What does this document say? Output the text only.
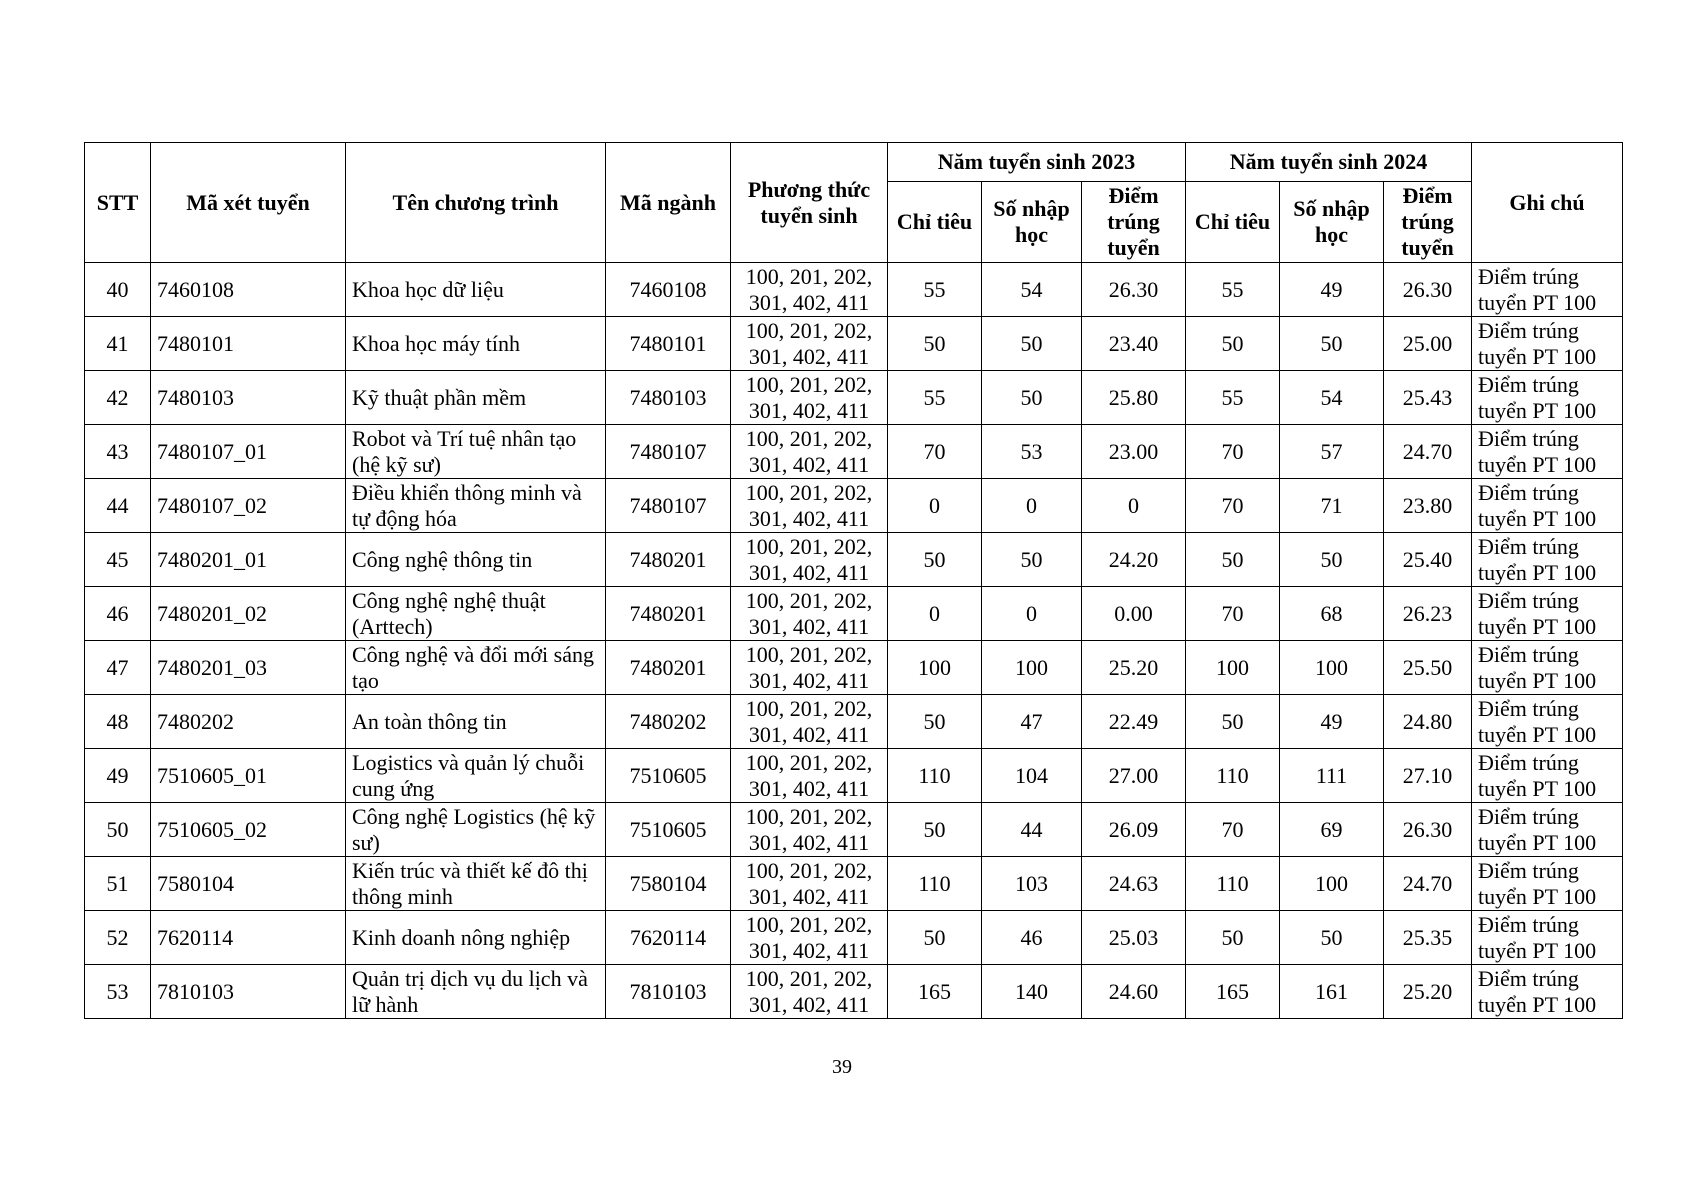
STT	Mã xét tuyển	Tên chương trình	Mã ngành	Phương thức tuyển sinh	Năm tuyển sinh 2023			Năm tuyển sinh 2024			Ghi chú
					Chỉ tiêu	Số nhập học	Điểm trúng tuyển	Chỉ tiêu	Số nhập học	Điểm trúng tuyển	
40	7460108	Khoa học dữ liệu	7460108	100, 201, 202, 301, 402, 411	55	54	26.30	55	49	26.30	Điểm trúng tuyển PT 100
41	7480101	Khoa học máy tính	7480101	100, 201, 202, 301, 402, 411	50	50	23.40	50	50	25.00	Điểm trúng tuyển PT 100
42	7480103	Kỹ thuật phần mềm	7480103	100, 201, 202, 301, 402, 411	55	50	25.80	55	54	25.43	Điểm trúng tuyển PT 100
43	7480107_01	Robot và Trí tuệ nhân tạo (hệ kỹ sư)	7480107	100, 201, 202, 301, 402, 411	70	53	23.00	70	57	24.70	Điểm trúng tuyển PT 100
44	7480107_02	Điều khiển thông minh và tự động hóa	7480107	100, 201, 202, 301, 402, 411	0	0	0	70	71	23.80	Điểm trúng tuyển PT 100
45	7480201_01	Công nghệ thông tin	7480201	100, 201, 202, 301, 402, 411	50	50	24.20	50	50	25.40	Điểm trúng tuyển PT 100
46	7480201_02	Công nghệ nghệ thuật (Arttech)	7480201	100, 201, 202, 301, 402, 411	0	0	0.00	70	68	26.23	Điểm trúng tuyển PT 100
47	7480201_03	Công nghệ và đổi mới sáng tạo	7480201	100, 201, 202, 301, 402, 411	100	100	25.20	100	100	25.50	Điểm trúng tuyển PT 100
48	7480202	An toàn thông tin	7480202	100, 201, 202, 301, 402, 411	50	47	22.49	50	49	24.80	Điểm trúng tuyển PT 100
49	7510605_01	Logistics và quản lý chuỗi cung ứng	7510605	100, 201, 202, 301, 402, 411	110	104	27.00	110	111	27.10	Điểm trúng tuyển PT 100
50	7510605_02	Công nghệ Logistics (hệ kỹ sư)	7510605	100, 201, 202, 301, 402, 411	50	44	26.09	70	69	26.30	Điểm trúng tuyển PT 100
51	7580104	Kiến trúc và thiết kế đô thị thông minh	7580104	100, 201, 202, 301, 402, 411	110	103	24.63	110	100	24.70	Điểm trúng tuyển PT 100
52	7620114	Kinh doanh nông nghiệp	7620114	100, 201, 202, 301, 402, 411	50	46	25.03	50	50	25.35	Điểm trúng tuyển PT 100
53	7810103	Quản trị dịch vụ du lịch và lữ hành	7810103	100, 201, 202, 301, 402, 411	165	140	24.60	165	161	25.20	Điểm trúng tuyển PT 100
39
